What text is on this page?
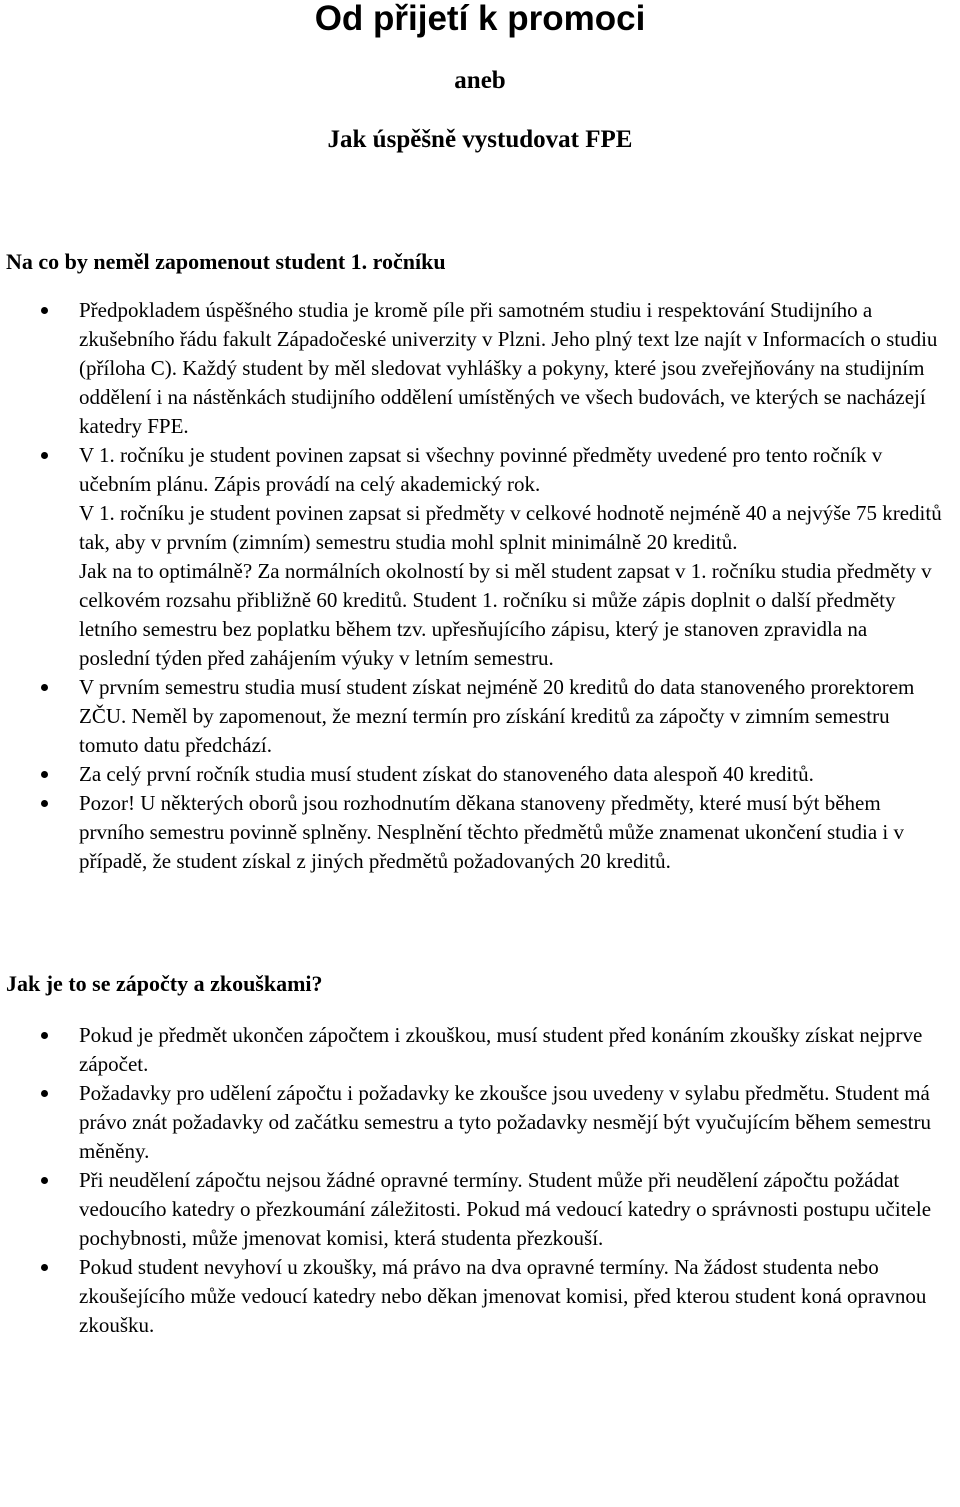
Od přijetí k promoci
aneb
Jak úspěšně vystudovat FPE
Na co by neměl zapomenout student 1. ročníku
Předpokladem úspěšného studia je kromě píle při samotném studiu i respektování Studijního a zkušebního řádu fakult Západočeské univerzity v Plzni. Jeho plný text lze najít v Informacích o studiu (příloha C). Každý student by měl sledovat vyhlášky a pokyny, které jsou zveřejňovány na studijním oddělení i na nástěnkách studijního oddělení umístěných ve všech budovách, ve kterých se nacházejí katedry FPE.
V 1. ročníku je student povinen zapsat si všechny povinné předměty uvedené pro tento ročník v učebním plánu. Zápis provádí na celý akademický rok.
V 1. ročníku je student povinen zapsat si předměty v celkové hodnotě nejméně 40 a nejvýše 75 kreditů tak, aby v prvním (zimním) semestru studia mohl splnit minimálně 20 kreditů.
Jak na to optimálně? Za normálních okolností by si měl student zapsat v 1. ročníku studia předměty v celkovém rozsahu přibližně 60 kreditů. Student 1. ročníku si může zápis doplnit o další předměty letního semestru bez poplatku během tzv. upřesňujícího zápisu, který je stanoven zpravidla na poslední týden před zahájením výuky v letním semestru.
V prvním semestru studia musí student získat nejméně 20 kreditů do data stanoveného prorektorem ZČU. Neměl by zapomenout, že mezní termín pro získání kreditů za zápočty v zimním semestru tomuto datu předchází.
Za celý první ročník studia musí student získat do stanoveného data alespoň 40 kreditů.
Pozor! U některých oborů jsou rozhodnutím děkana stanoveny předměty, které musí být během prvního semestru povinně splněny. Nesplnění těchto předmětů může znamenat ukončení studia i v případě, že student získal z jiných předmětů požadovaných 20 kreditů.
Jak je to se zápočty a zkouškami?
Pokud je předmět ukončen zápočtem i zkouškou, musí student před konáním zkoušky získat nejprve zápočet.
Požadavky pro udělení zápočtu i požadavky ke zkoušce jsou uvedeny v sylabu předmětu. Student má právo znát požadavky od začátku semestru a tyto požadavky nesmějí být vyučujícím během semestru měněny.
Při neudělení zápočtu nejsou žádné opravné termíny. Student může při neudělení zápočtu požádat vedoucího katedry o přezkoumání záležitosti. Pokud má vedoucí katedry o správnosti postupu učitele pochybnosti, může jmenovat komisi, která studenta přezkouší.
Pokud student nevyhoví u zkoušky, má právo na dva opravné termíny. Na žádost studenta nebo zkoušejícího může vedoucí katedry nebo děkan jmenovat komisi, před kterou student koná opravnou zkoušku.
